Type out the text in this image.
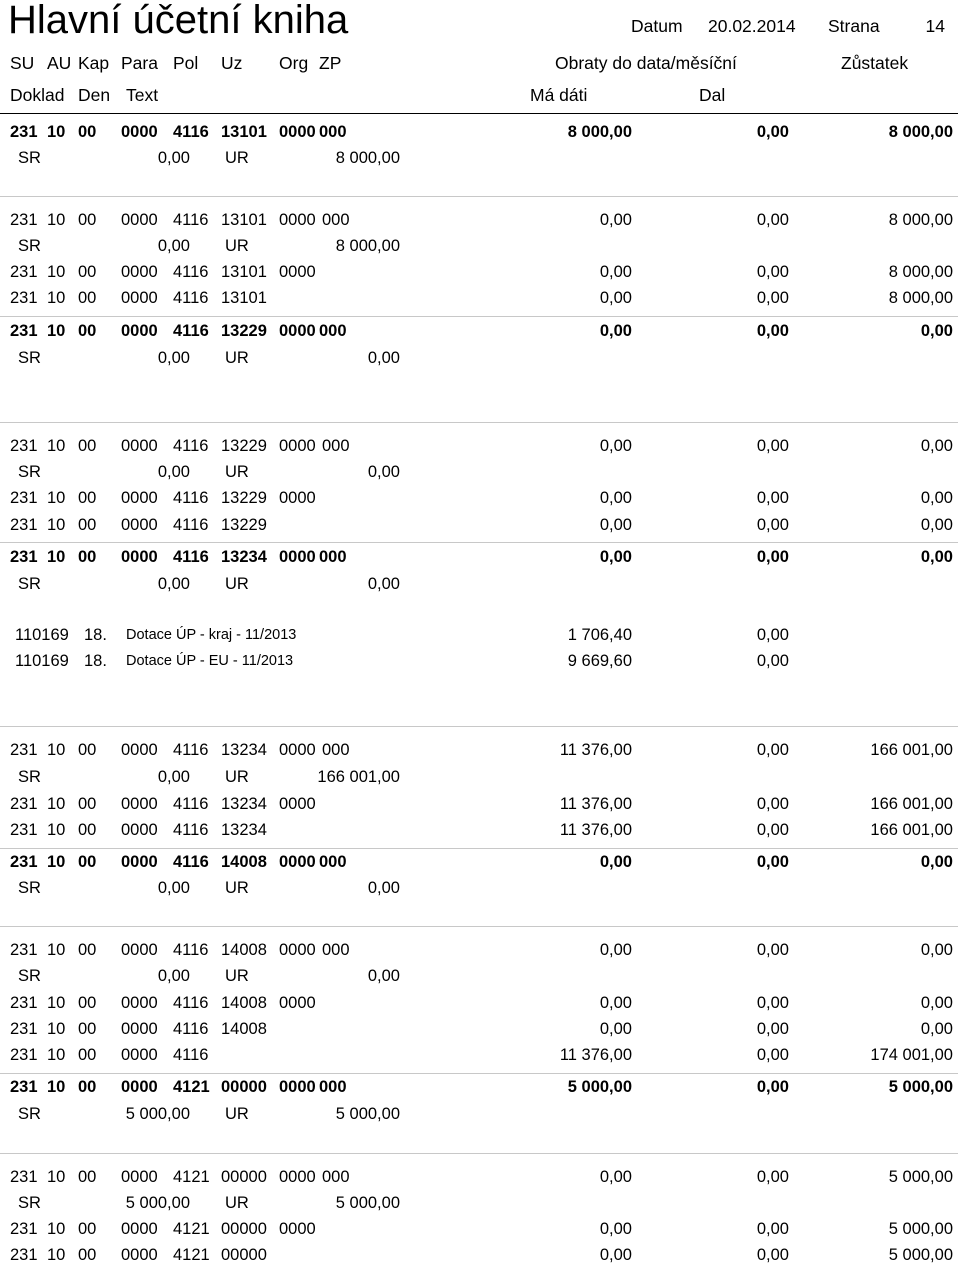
Hlavní účetní kniha	Datum 20.02.2014 Strana	14
SU AU Kap Para Pol Uz Org ZP	Obraty do data/měsíční	Zůstatek
Doklad Den Text	Má dáti	Dal
231 10 00 0000 4116 13101 0000 000	8 000,00	0,00	8 000,00
SR	0,00 UR	8 000,00
231 10 00 0000 4116 13101 0000 000	0,00	0,00	8 000,00
SR	0,00 UR	8 000,00
231 10 00 0000 4116 13101 0000	0,00	0,00	8 000,00
231 10 00 0000 4116 13101	0,00	0,00	8 000,00
231 10 00 0000 4116 13229 0000 000	0,00	0,00	0,00
SR	0,00 UR	0,00
231 10 00 0000 4116 13229 0000 000	0,00	0,00	0,00
SR	0,00 UR	0,00
231 10 00 0000 4116 13229 0000	0,00	0,00	0,00
231 10 00 0000 4116 13229	0,00	0,00	0,00
231 10 00 0000 4116 13234 0000 000	0,00	0,00	0,00
SR	0,00 UR	0,00
110169 18. Dotace ÚP - kraj - 11/2013	1 706,40	0,00
110169 18. Dotace ÚP - EU - 11/2013	9 669,60	0,00
231 10 00 0000 4116 13234 0000 000	11 376,00	0,00	166 001,00
SR	0,00 UR	166 001,00
231 10 00 0000 4116 13234 0000	11 376,00	0,00	166 001,00
231 10 00 0000 4116 13234	11 376,00	0,00	166 001,00
231 10 00 0000 4116 14008 0000 000	0,00	0,00	0,00
SR	0,00 UR	0,00
231 10 00 0000 4116 14008 0000 000	0,00	0,00	0,00
SR	0,00 UR	0,00
231 10 00 0000 4116 14008 0000	0,00	0,00	0,00
231 10 00 0000 4116 14008	0,00	0,00	0,00
231 10 00 0000 4116	11 376,00	0,00	174 001,00
231 10 00 0000 4121 00000 0000 000	5 000,00	0,00	5 000,00
SR	5 000,00 UR	5 000,00
231 10 00 0000 4121 00000 0000 000	0,00	0,00	5 000,00
SR	5 000,00 UR	5 000,00
231 10 00 0000 4121 00000 0000	0,00	0,00	5 000,00
231 10 00 0000 4121 00000	0,00	0,00	5 000,00
